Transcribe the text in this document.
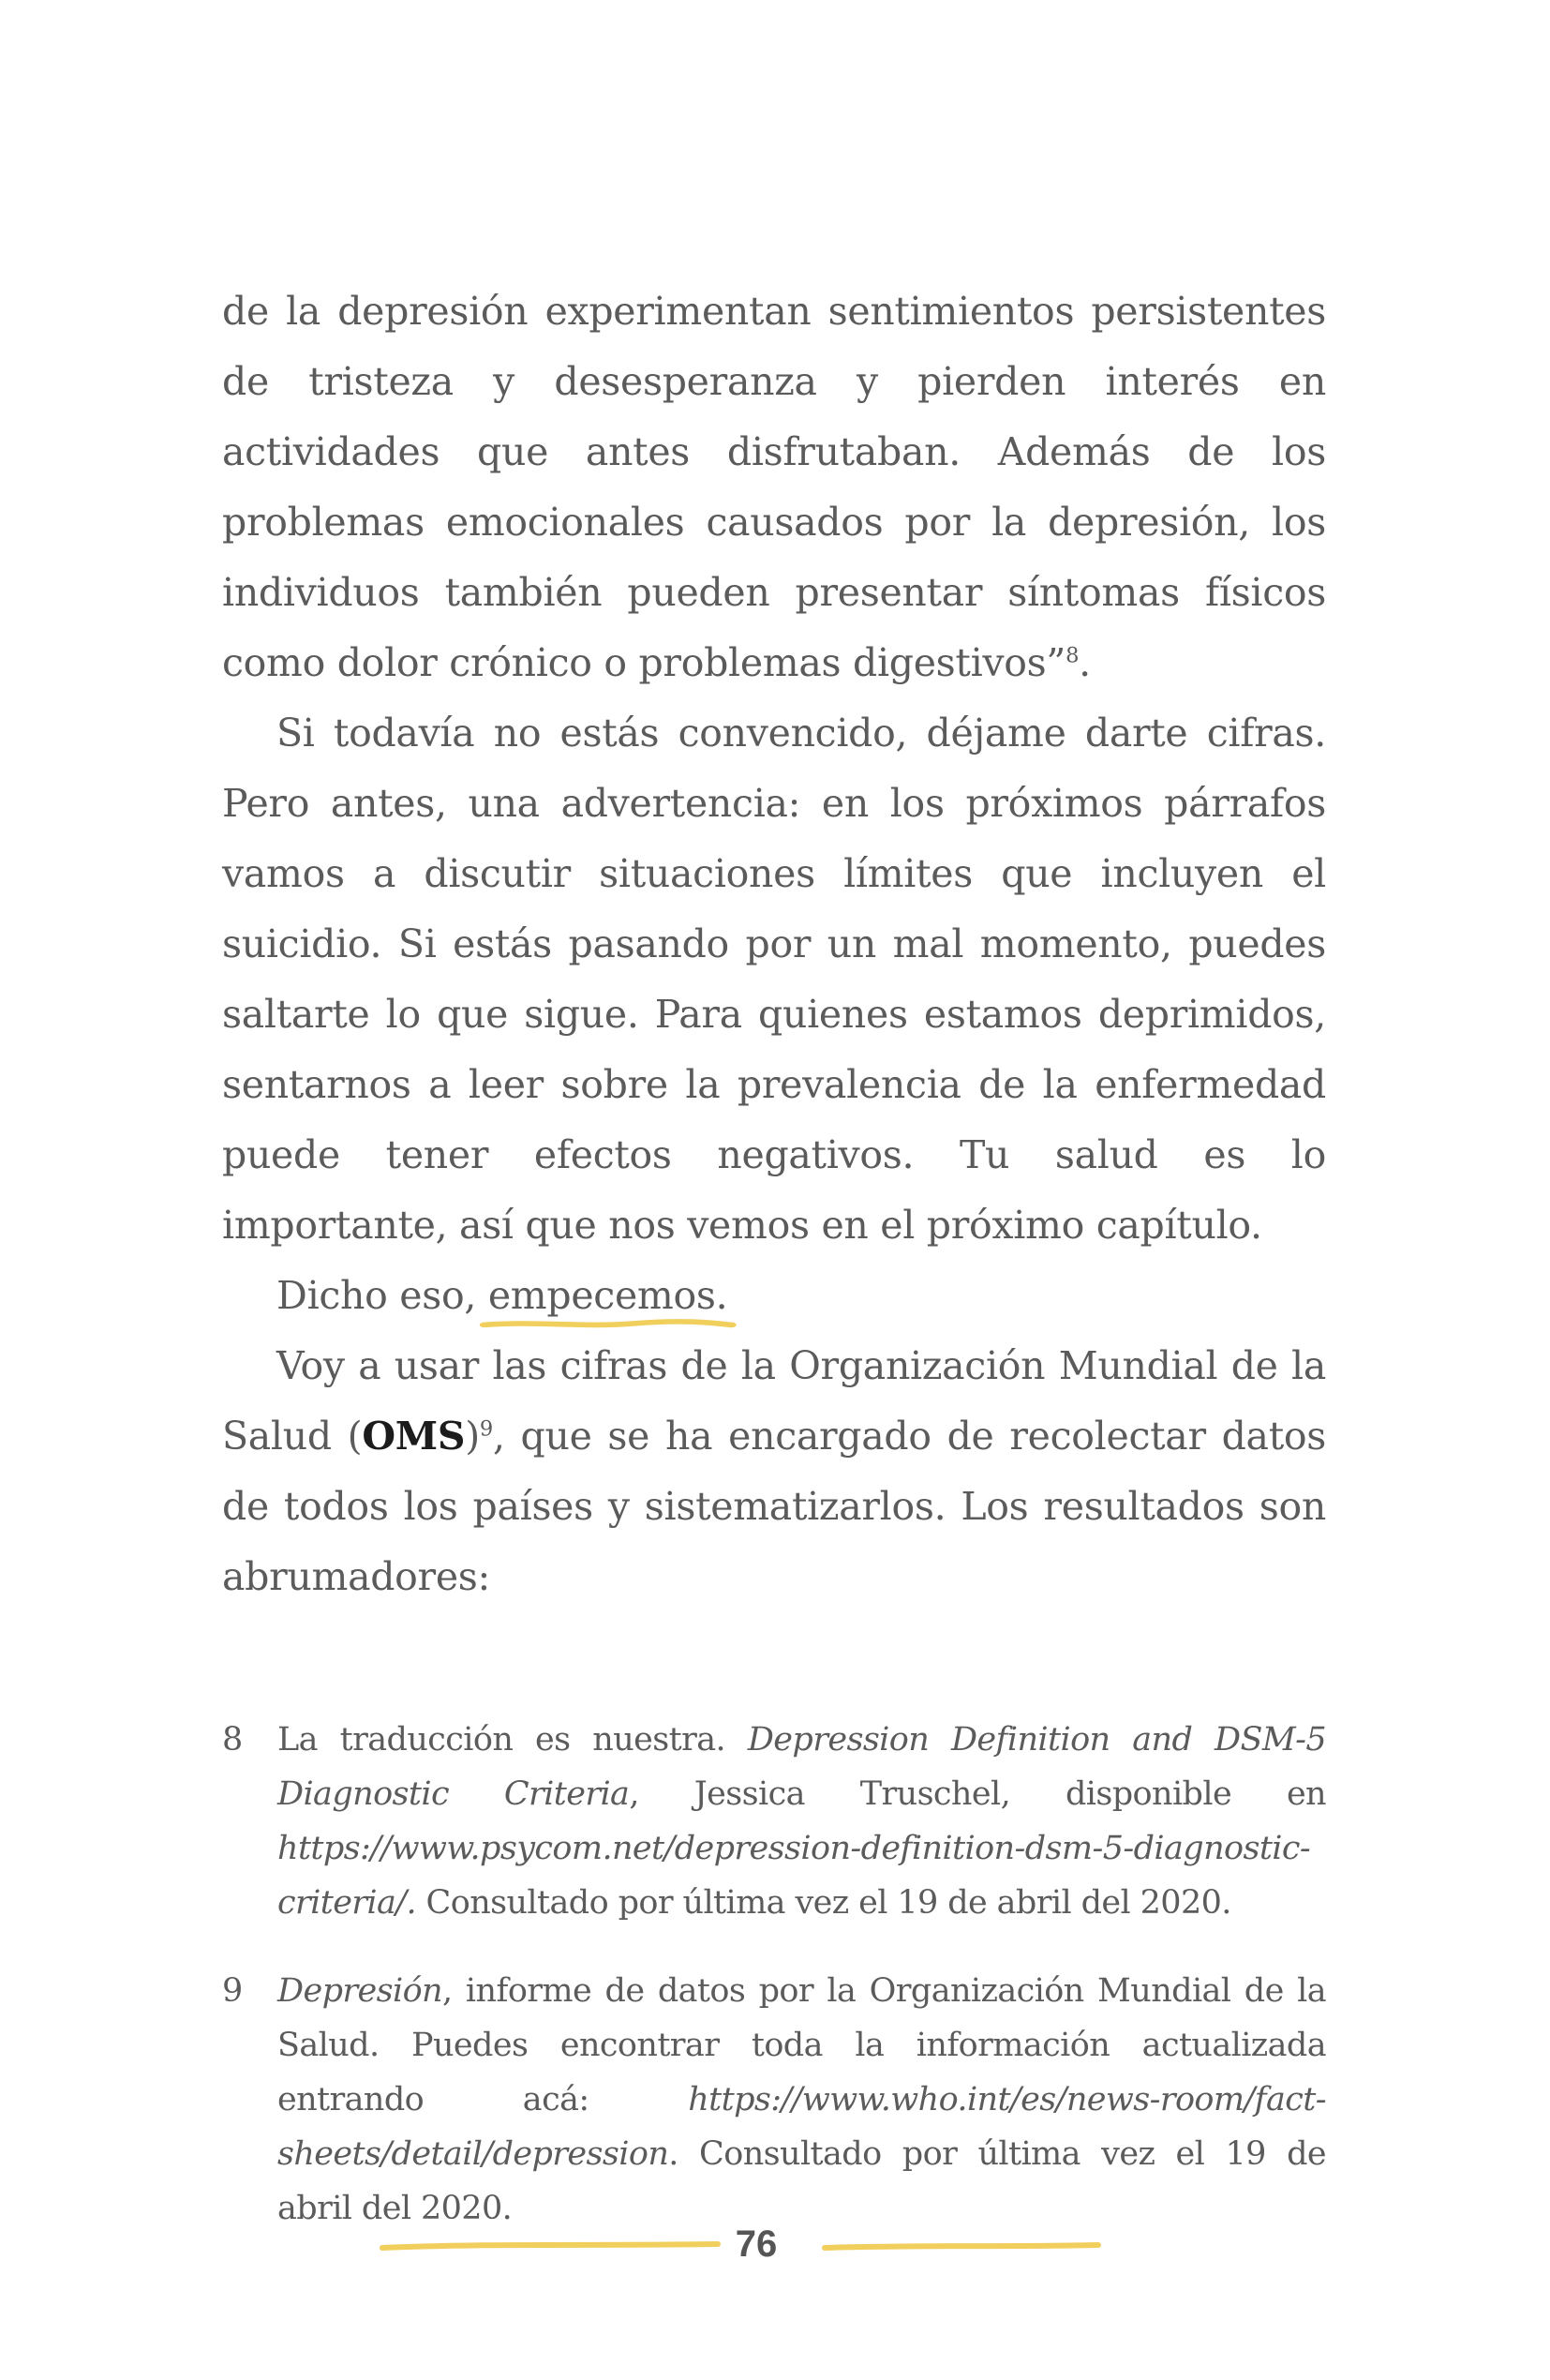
de la depresión experimentan sentimientos persistentes de tristeza y desesperanza y pierden interés en actividades que antes disfrutaban. Además de los problemas emocionales causados por la depresión, los individuos también pueden presentar síntomas físicos como dolor crónico o problemas digestivos”$^8$.

Si todavía no estás convencido, déjame darte cifras. Pero antes, una advertencia: en los próximos párrafos vamos a discutir situaciones límites que incluyen el suicidio. Si estás pasando por un mal momento, puedes saltarte lo que sigue. Para quienes estamos deprimidos, sentarnos a leer sobre la prevalencia de la enfermedad puede tener efectos negativos. Tu salud es lo importante, así que nos vemos en el próximo capítulo.

Dicho eso, empecemos.

Voy a usar las cifras de la Organización Mundial de la Salud (OMS)$^9$, que se ha encargado de recolectar datos de todos los países y sistematizarlos. Los resultados son abrumadores:

8	La traducción es nuestra. Depression Definition and DSM-5 Diagnostic Criteria, Jessica Truschel, disponible en https://www.psycom.net/depression-definition-dsm-5-diagnostic-criteria/. Consultado por última vez el 19 de abril del 2020.
9	Depresión, informe de datos por la Organización Mundial de la Salud. Puedes encontrar toda la información actualizada entrando acá: https://www.who.int/es/news-room/fact-sheets/detail/depression. Consultado por última vez el 19 de abril del 2020.
76
